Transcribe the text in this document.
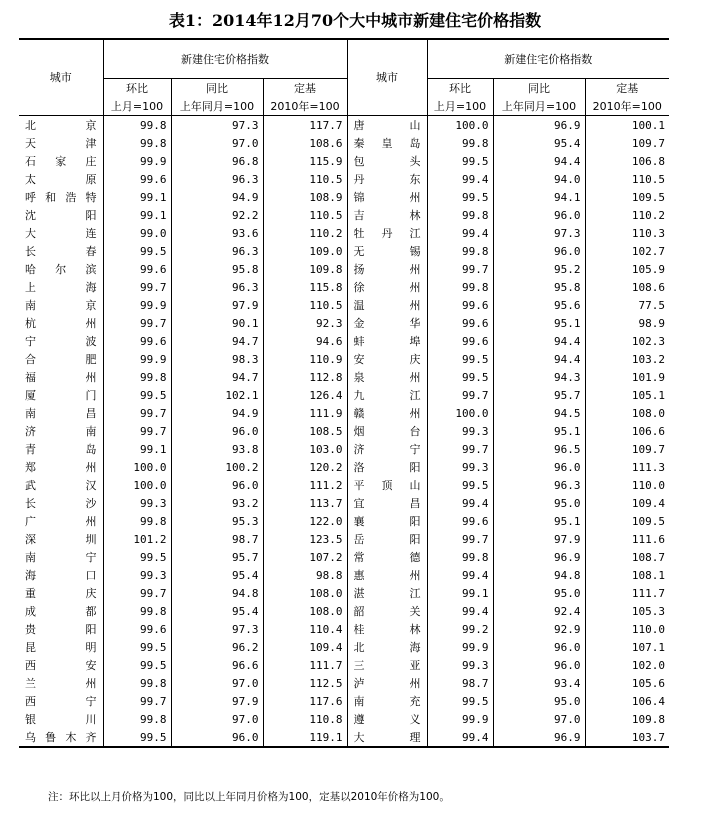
表1：2014年12月70个大中城市新建住宅价格指数
城市	新建住宅价格指数			城市	新建住宅价格指数		
	环比	同比	定基		环比	同比	定基
	上月=100	上年同月=100	2010年=100		上月=100	上年同月=100	2010年=100
北京	99.8	97.3	117.7	唐山	100.0	96.9	100.1
天津	99.8	97.0	108.6	秦皇岛	99.8	95.4	109.7
石家庄	99.9	96.8	115.9	包头	99.5	94.4	106.8
太原	99.6	96.3	110.5	丹东	99.4	94.0	110.5
呼和浩特	99.1	94.9	108.9	锦州	99.5	94.1	109.5
沈阳	99.1	92.2	110.5	吉林	99.8	96.0	110.2
大连	99.0	93.6	110.2	牡丹江	99.4	97.3	110.3
长春	99.5	96.3	109.0	无锡	99.8	96.0	102.7
哈尔滨	99.6	95.8	109.8	扬州	99.7	95.2	105.9
上海	99.7	96.3	115.8	徐州	99.8	95.8	108.6
南京	99.9	97.9	110.5	温州	99.6	95.6	77.5
杭州	99.7	90.1	92.3	金华	99.6	95.1	98.9
宁波	99.6	94.7	94.6	蚌埠	99.6	94.4	102.3
合肥	99.9	98.3	110.9	安庆	99.5	94.4	103.2
福州	99.8	94.7	112.8	泉州	99.5	94.3	101.9
厦门	99.5	102.1	126.4	九江	99.7	95.7	105.1
南昌	99.7	94.9	111.9	赣州	100.0	94.5	108.0
济南	99.7	96.0	108.5	烟台	99.3	95.1	106.6
青岛	99.1	93.8	103.0	济宁	99.7	96.5	109.7
郑州	100.0	100.2	120.2	洛阳	99.3	96.0	111.3
武汉	100.0	96.0	111.2	平顶山	99.5	96.3	110.0
长沙	99.3	93.2	113.7	宜昌	99.4	95.0	109.4
广州	99.8	95.3	122.0	襄阳	99.6	95.1	109.5
深圳	101.2	98.7	123.5	岳阳	99.7	97.9	111.6
南宁	99.5	95.7	107.2	常德	99.8	96.9	108.7
海口	99.3	95.4	98.8	惠州	99.4	94.8	108.1
重庆	99.7	94.8	108.0	湛江	99.1	95.0	111.7
成都	99.8	95.4	108.0	韶关	99.4	92.4	105.3
贵阳	99.6	97.3	110.4	桂林	99.2	92.9	110.0
昆明	99.5	96.2	109.4	北海	99.9	96.0	107.1
西安	99.5	96.6	111.7	三亚	99.3	96.0	102.0
兰州	99.8	97.0	112.5	泸州	98.7	93.4	105.6
西宁	99.7	97.9	117.6	南充	99.5	95.0	106.4
银川	99.8	97.0	110.8	遵义	99.9	97.0	109.8
乌鲁木齐	99.5	96.0	119.1	大理	99.4	96.9	103.7
注：环比以上月价格为100，同比以上年同月价格为100，定基以2010年价格为100。
